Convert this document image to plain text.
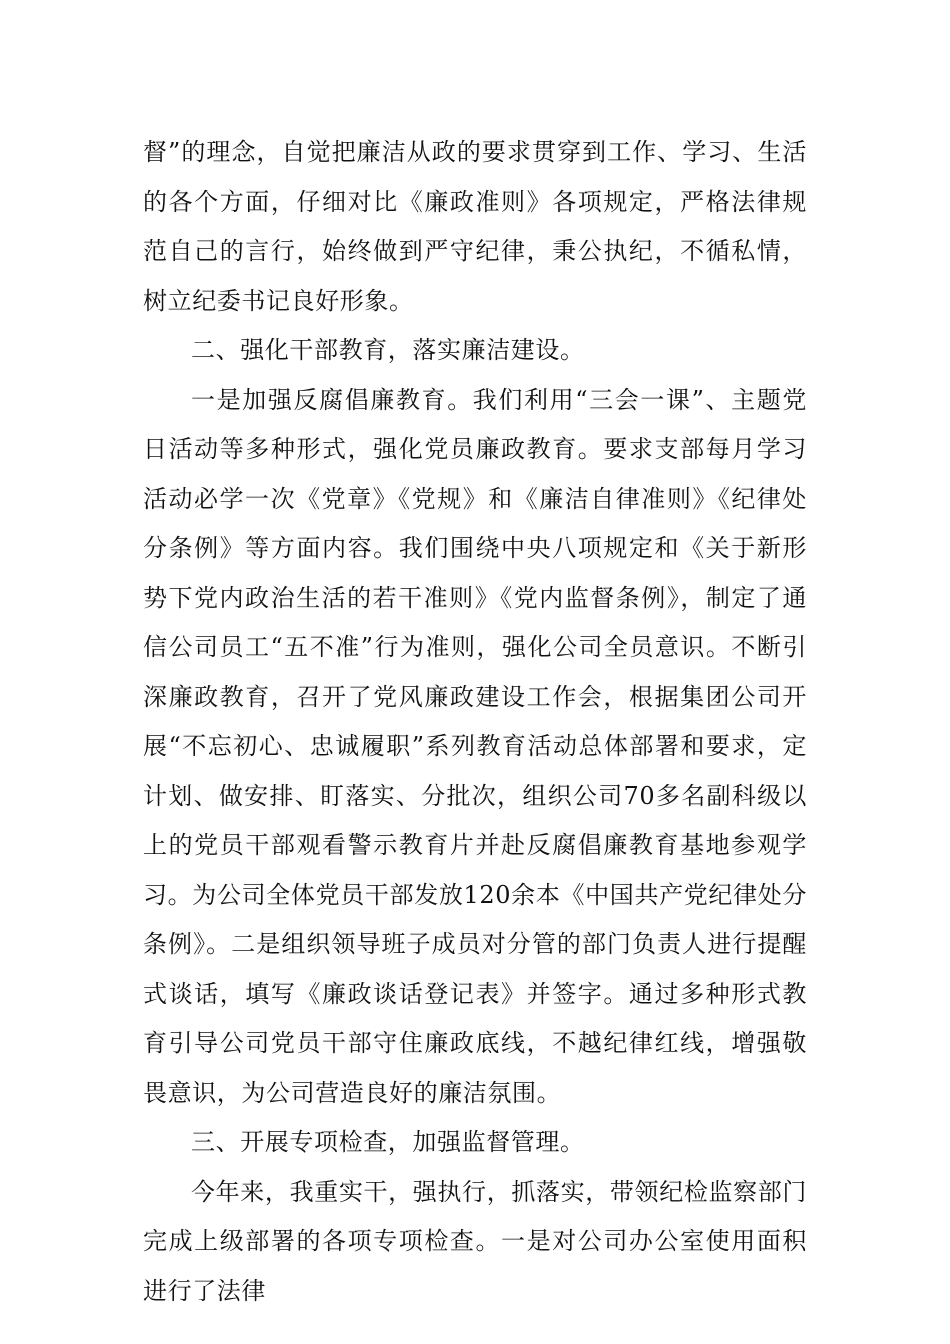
督”的理念，自觉把廉洁从政的要求贯穿到工作、学习、生活的各个方面，仔细对比《廉政准则》各项规定，严格法律规范自己的言行，始终做到严守纪律，秉公执纪，不循私情，树立纪委书记良好形象。

二、强化干部教育，落实廉洁建设。

一是加强反腐倡廉教育。我们利用“三会一课”、主题党日活动等多种形式，强化党员廉政教育。要求支部每月学习活动必学一次《党章》《党规》和《廉洁自律准则》《纪律处分条例》等方面内容。我们围绕中央八项规定和《关于新形势下党内政治生活的若干准则》《党内监督条例》，制定了通信公司员工“五不准”行为准则，强化公司全员意识。不断引深廉政教育，召开了党风廉政建设工作会，根据集团公司开展“不忘初心、忠诚履职”系列教育活动总体部署和要求，定计划、做安排、盯落实、分批次，组织公司70多名副科级以上的党员干部观看警示教育片并赴反腐倡廉教育基地参观学习。为公司全体党员干部发放120余本《中国共产党纪律处分条例》。二是组织领导班子成员对分管的部门负责人进行提醒式谈话，填写《廉政谈话登记表》并签字。通过多种形式教育引导公司党员干部守住廉政底线，不越纪律红线，增强敬畏意识，为公司营造良好的廉洁氛围。

三、开展专项检查，加强监督管理。

今年来，我重实干，强执行，抓落实，带领纪检监察部门完成上级部署的各项专项检查。一是对公司办公室使用面积进行了法律
